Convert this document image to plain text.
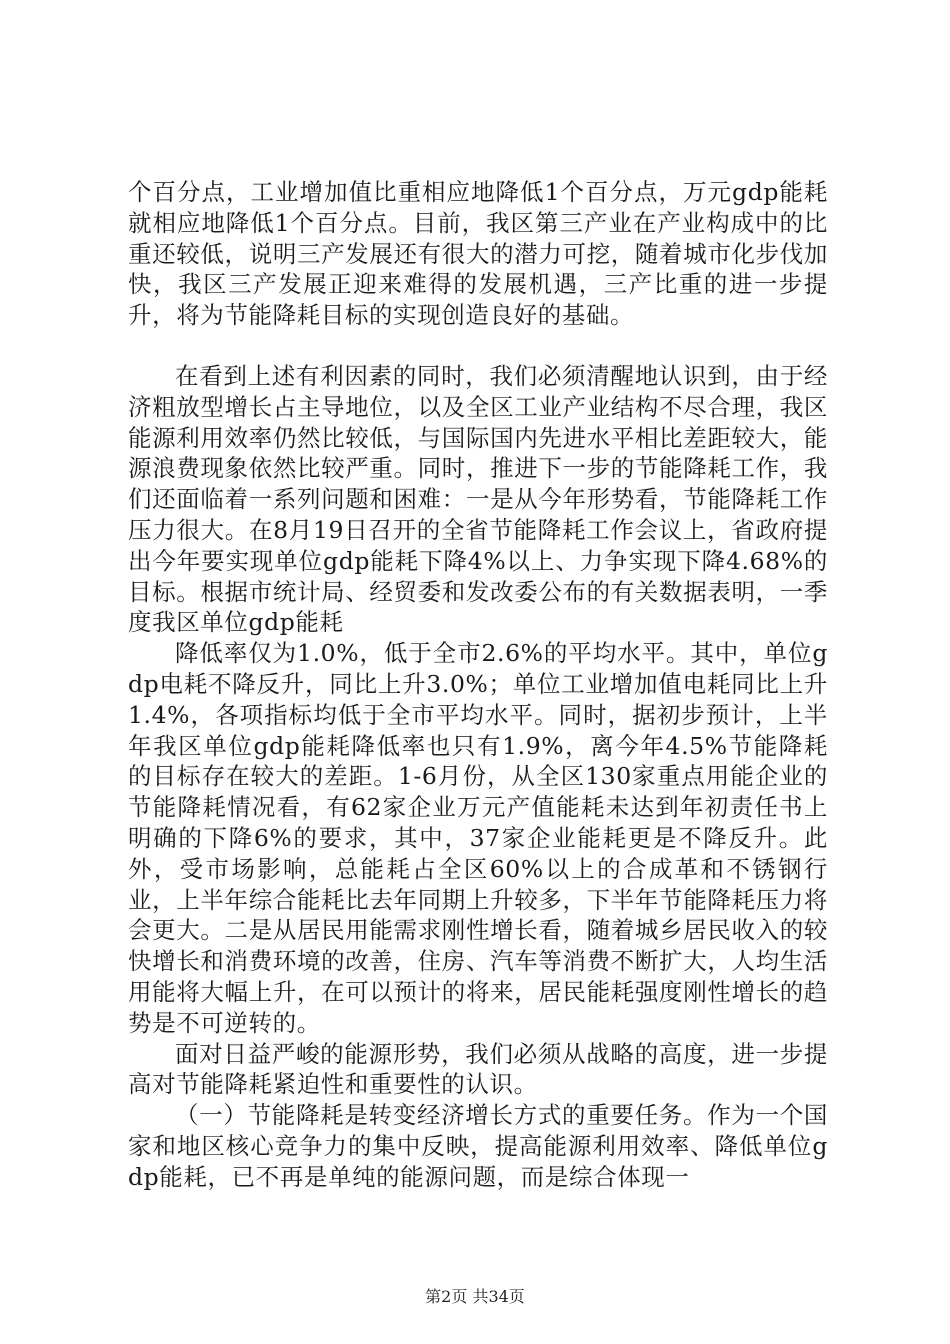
个百分点，工业增加值比重相应地降低1个百分点，万元gdp能耗就相应地降低1个百分点。目前，我区第三产业在产业构成中的比重还较低，说明三产发展还有很大的潜力可挖，随着城市化步伐加快，我区三产发展正迎来难得的发展机遇，三产比重的进一步提升，将为节能降耗目标的实现创造良好的基础。

在看到上述有利因素的同时，我们必须清醒地认识到，由于经济粗放型增长占主导地位，以及全区工业产业结构不尽合理，我区能源利用效率仍然比较低，与国际国内先进水平相比差距较大，能源浪费现象依然比较严重。同时，推进下一步的节能降耗工作，我们还面临着一系列问题和困难：一是从今年形势看，节能降耗工作压力很大。在8月19日召开的全省节能降耗工作会议上，省政府提出今年要实现单位gdp能耗下降4%以上、力争实现下降4.68%的目标。根据市统计局、经贸委和发改委公布的有关数据表明，一季度我区单位gdp能耗

降低率仅为1.0%，低于全市2.6%的平均水平。其中，单位gdp电耗不降反升，同比上升3.0%；单位工业增加值电耗同比上升1.4%，各项指标均低于全市平均水平。同时，据初步预计，上半年我区单位gdp能耗降低率也只有1.9%，离今年4.5%节能降耗的目标存在较大的差距。1-6月份，从全区130家重点用能企业的节能降耗情况看，有62家企业万元产值能耗未达到年初责任书上明确的下降6%的要求，其中，37家企业能耗更是不降反升。此外，受市场影响，总能耗占全区60%以上的合成革和不锈钢行业，上半年综合能耗比去年同期上升较多，下半年节能降耗压力将会更大。二是从居民用能需求刚性增长看，随着城乡居民收入的较快增长和消费环境的改善，住房、汽车等消费不断扩大，人均生活用能将大幅上升，在可以预计的将来，居民能耗强度刚性增长的趋势是不可逆转的。

面对日益严峻的能源形势，我们必须从战略的高度，进一步提高对节能降耗紧迫性和重要性的认识。

（一）节能降耗是转变经济增长方式的重要任务。作为一个国家和地区核心竞争力的集中反映，提高能源利用效率、降低单位gdp能耗，已不再是单纯的能源问题，而是综合体现一

第2页 共34页
